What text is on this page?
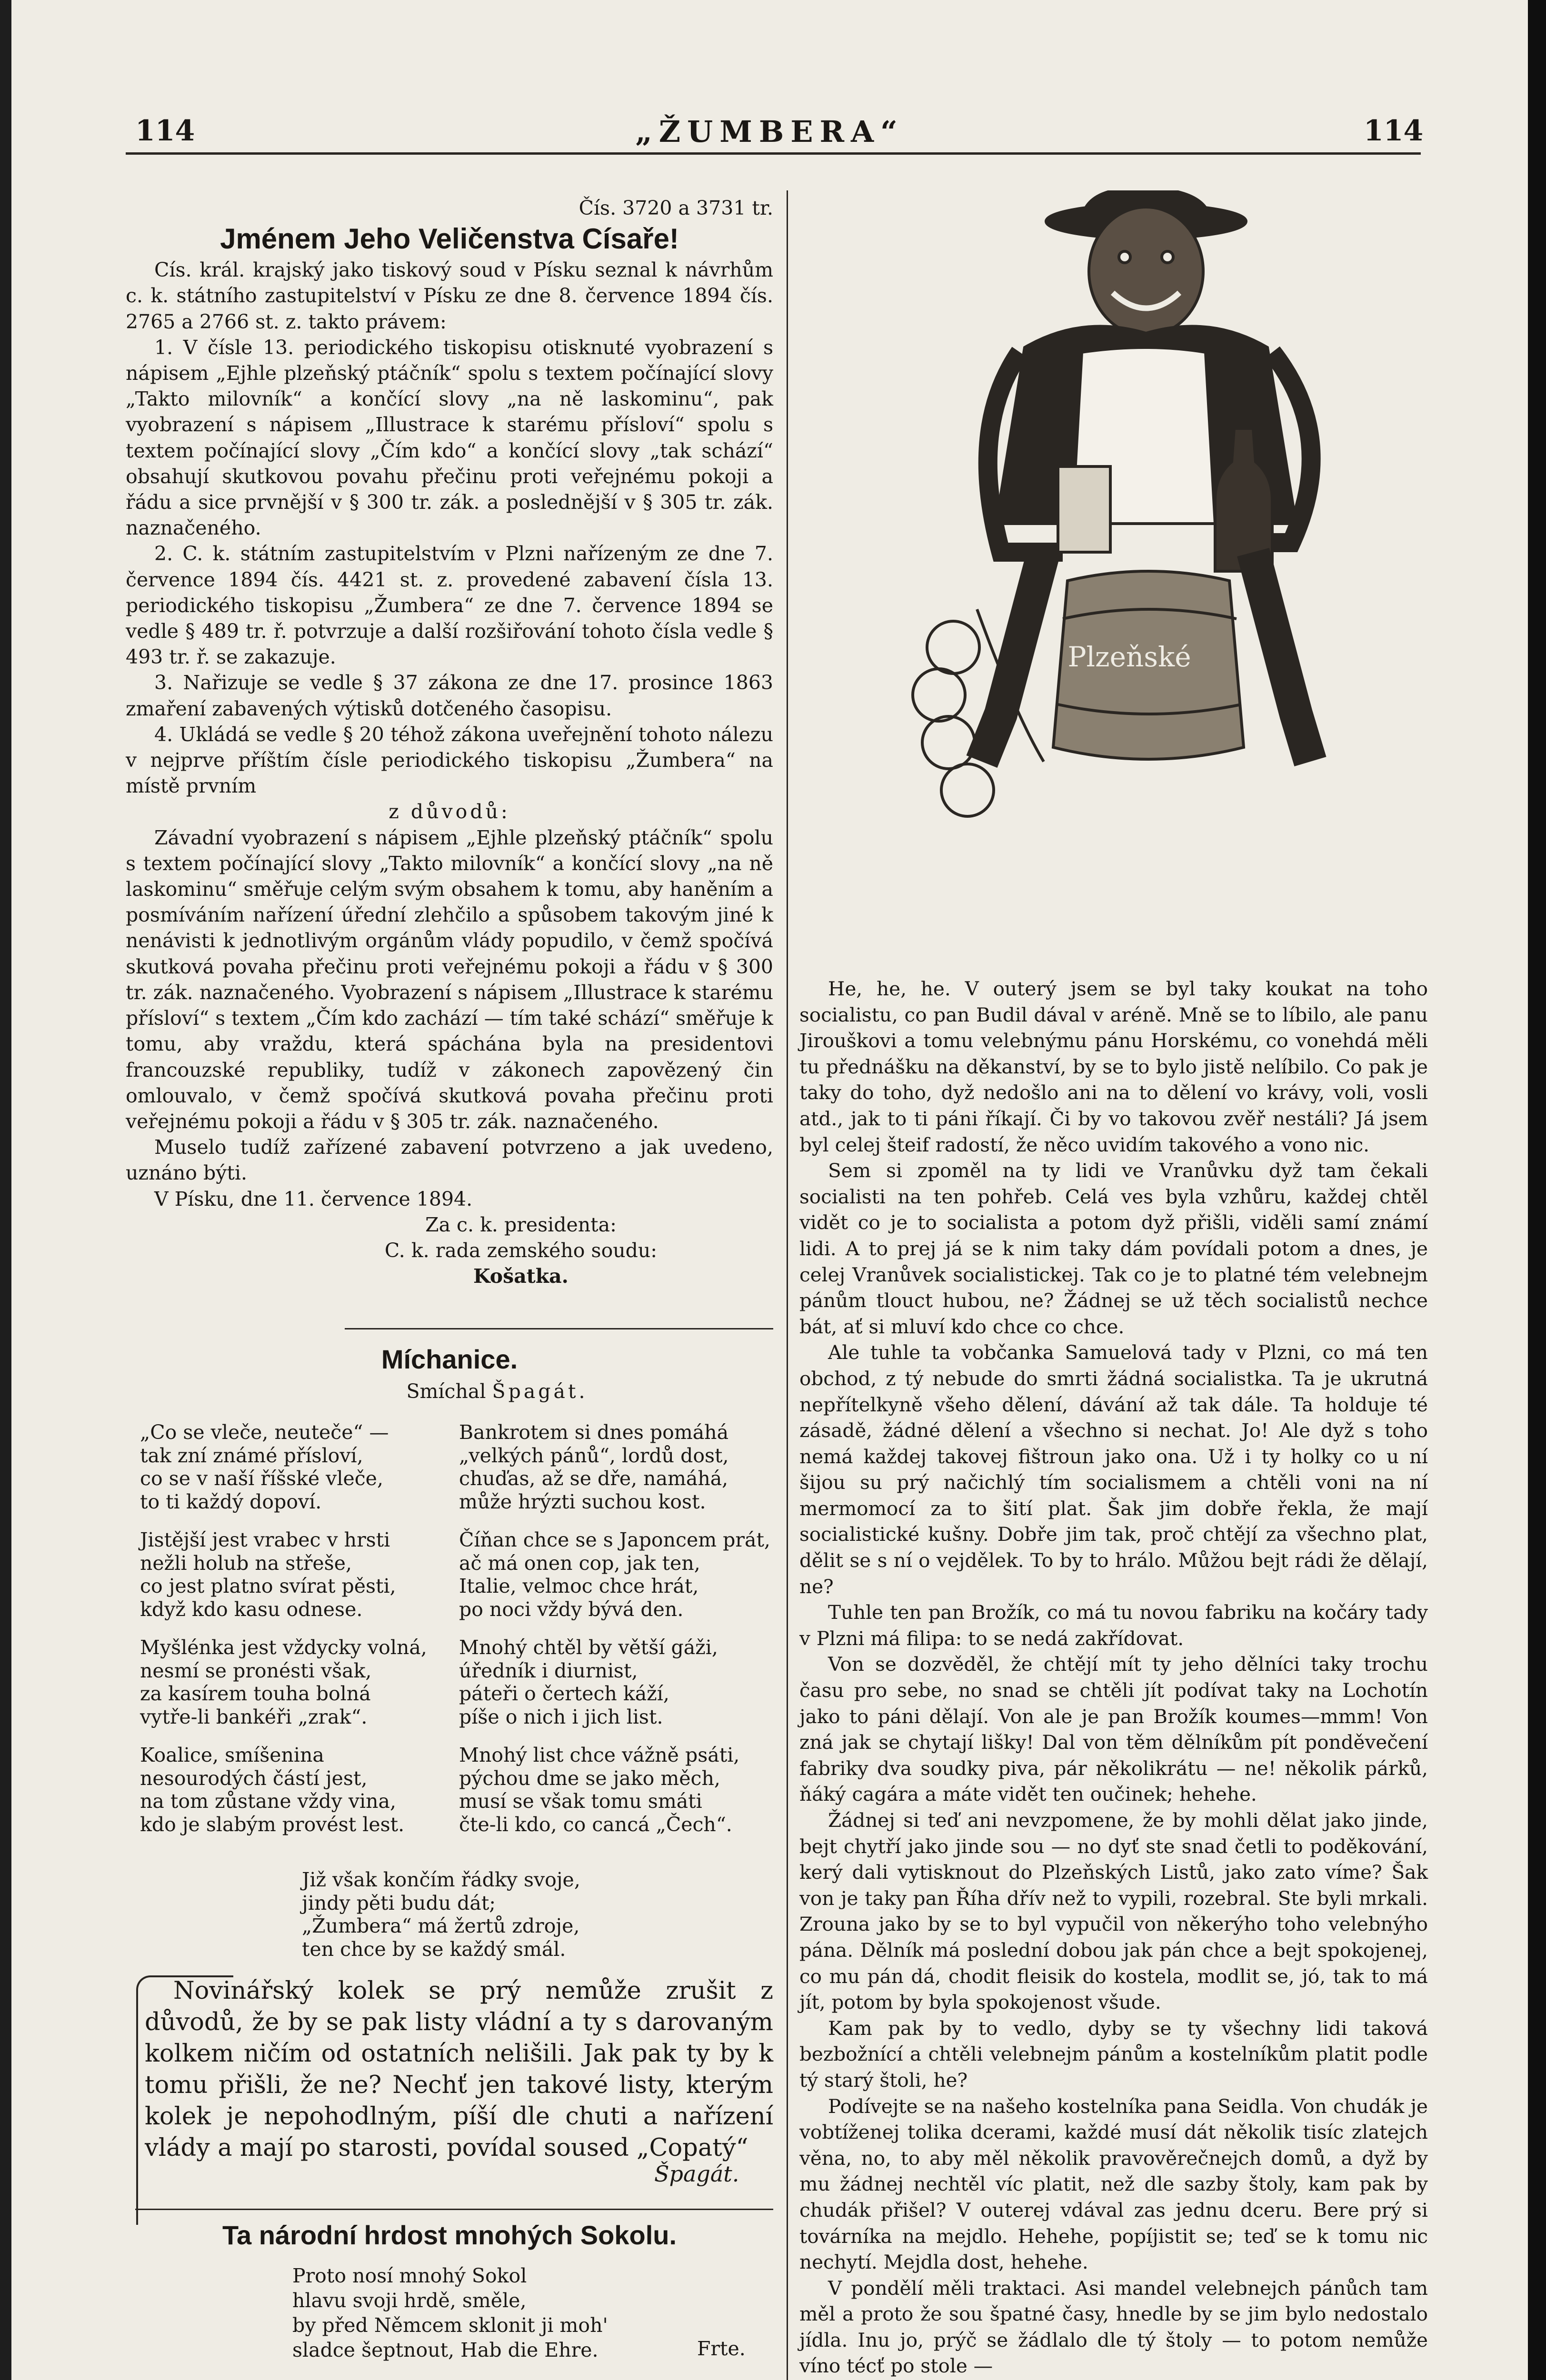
114	„ŽUMBERA“	114

Čís. 3720 a 3731 tr.

Jménem Jeho Veličenstva Císaře!

Cís. král. krajský jako tiskový soud v Písku seznal k návrhům c. k. státního zastupitelství v Písku ze dne 8. července 1894 čís. 2765 a 2766 st. z. takto právem:

1. V čísle 13. periodického tiskopisu otisknuté vyobrazení s nápisem „Ejhle plzeňský ptáčník“ spolu s textem počínající slovy „Takto milovník“ a končící slovy „na ně laskominu“, pak vyobrazení s nápisem „Illustrace k starému přísloví“ spolu s textem počínající slovy „Čím kdo“ a končící slovy „tak schází“ obsahují skutkovou povahu přečinu proti veřejnému pokoji a řádu a sice prvnější v § 300 tr. zák. a poslednější v § 305 tr. zák. naznačeného.

2. C. k. státním zastupitelstvím v Plzni nařízeným ze dne 7. července 1894 čís. 4421 st. z. provedené zabavení čísla 13. periodického tiskopisu „Žumbera“ ze dne 7. července 1894 se vedle § 489 tr. ř. potvrzuje a další rozšiřování tohoto čísla vedle § 493 tr. ř. se zakazuje.

3. Nařizuje se vedle § 37 zákona ze dne 17. prosince 1863 zmaření zabavených výtisků dotčeného časopisu.

4. Ukládá se vedle § 20 téhož zákona uveřejnění tohoto nálezu v nejprve příštím čísle periodického tiskopisu „Žumbera“ na místě prvním

z důvodů:

Závadní vyobrazení s nápisem „Ejhle plzeňský ptáčník“ spolu s textem počínající slovy „Takto milovník“ a končící slovy „na ně laskominu“ směřuje celým svým obsahem k tomu, aby haněním a posmíváním nařízení úřední zlehčilo a spůsobem takovým jiné k nenávisti k jednotlivým orgánům vlády popudilo, v čemž spočívá skutková povaha přečinu proti veřejnému pokoji a řádu v § 300 tr. zák. naznačeného. Vyobrazení s nápisem „Illustrace k starému přísloví“ s textem „Čím kdo zachází — tím také schází“ směřuje k tomu, aby vraždu, která spáchána byla na presidentovi francouzské republiky, tudíž v zákonech zapovězený čin omlouvalo, v čemž spočívá skutková povaha přečinu proti veřejnému pokoji a řádu v § 305 tr. zák. naznačeného.

Muselo tudíž zařízené zabavení potvrzeno a jak uvedeno, uznáno býti.

V Písku, dne 11. července 1894.

Za c. k. presidenta:

C. k. rada zemského soudu:

Košatka.

Míchanice.
Smíchal Špagát.
„Co se vleče, neuteče“ —
tak zní známé přísloví,
co se v naší říšské vleče,
to ti každý dopoví.
Jistější jest vrabec v hrsti
nežli holub na střeše,
co jest platno svírat pěsti,
když kdo kasu odnese.
Myšlénka jest vždycky volná,
nesmí se pronésti však,
za kasírem touha bolná
vytře-li bankéři „zrak“.
Koalice, smíšenina
nesourodých částí jest,
na tom zůstane vždy vina,
kdo je slabým provést lest.
Bankrotem si dnes pomáhá
„velkých pánů“, lordů dost,
chuďas, až se dře, namáhá,
může hrýzti suchou kost.
Číňan chce se s Japoncem prát,
ač má onen cop, jak ten,
Italie, velmoc chce hrát,
po noci vždy bývá den.
Mnohý chtěl by větší gáži,
úředník i diurnist,
páteři o čertech káží,
píše o nich i jich list.
Mnohý list chce vážně psáti,
pýchou dme se jako měch,
musí se však tomu smáti
čte-li kdo, co cancá „Čech“.
Již však končím řádky svoje,
jindy pěti budu dát;
„Žumbera“ má žertů zdroje,
ten chce by se každý smál.

Novinářský kolek se prý nemůže zrušit z důvodů, že by se pak listy vládní a ty s darovaným kolkem ničím od ostatních nelišili. Jak pak ty by k tomu přišli, že ne? Nechť jen takové listy, kterým kolek je nepohodlným, píší dle chuti a nařízení vlády a mají po starosti, povídal soused „Copatý“

Špagát.
Ta národní hrdost mnohých Sokolu.
Proto nosí mnohý Sokol
hlavu svoji hrdě, směle,
by před Němcem sklonit ji moh'
sladce šeptnout, Hab die Ehre.	Frte.
Plzeňské

He, he, he. V outerý jsem se byl taky koukat na toho socialistu, co pan Budil dával v aréně. Mně se to líbilo, ale panu Jirouškovi a tomu velebnýmu pánu Horskému, co vonehdá měli tu přednášku na děkanství, by se to bylo jistě nelíbilo. Co pak je taky do toho, dyž nedošlo ani na to dělení vo krávy, voli, vosli atd., jak to ti páni říkají. Či by vo takovou zvěř nestáli? Já jsem byl celej šteif radostí, že něco uvidím takového a vono nic.

Sem si zpoměl na ty lidi ve Vranůvku dyž tam čekali socialisti na ten pohřeb. Celá ves byla vzhůru, každej chtěl vidět co je to socialista a potom dyž přišli, viděli samí známí lidi. A to prej já se k nim taky dám povídali potom a dnes, je celej Vranůvek socialistickej. Tak co je to platné tém velebnejm pánům tlouct hubou, ne? Žádnej se už těch socialistů nechce bát, ať si mluví kdo chce co chce.

Ale tuhle ta vobčanka Samuelová tady v Plzni, co má ten obchod, z tý nebude do smrti žádná socialistka. Ta je ukrutná nepřítelkyně všeho dělení, dávání až tak dále. Ta holduje té zásadě, žádné dělení a všechno si nechat. Jo! Ale dyž s toho nemá každej takovej fištroun jako ona. Už i ty holky co u ní šijou su prý načichlý tím socialismem a chtěli voni na ní mermomocí za to šití plat. Šak jim dobře řekla, že mají socialistické kušny. Dobře jim tak, proč chtějí za všechno plat, dělit se s ní o vejdělek. To by to hrálo. Můžou bejt rádi že dělají, ne?

Tuhle ten pan Brožík, co má tu novou fabriku na kočáry tady v Plzni má filipa: to se nedá zakřídovat.

Von se dozvěděl, že chtějí mít ty jeho dělníci taky trochu času pro sebe, no snad se chtěli jít podívat taky na Lochotín jako to páni dělají. Von ale je pan Brožík koumes—mmm! Von zná jak se chytají lišky! Dal von těm dělníkům pít ponděvečení fabriky dva soudky piva, pár několikrátu — ne! několik párků, ňáký cagára a máte vidět ten oučinek; hehehe.

Žádnej si teď ani nevzpomene, že by mohli dělat jako jinde, bejt chytří jako jinde sou — no dyť ste snad četli to poděkování, kerý dali vytisknout do Plzeňských Listů, jako zato víme? Šak von je taky pan Říha dřív než to vypili, rozebral. Ste byli mrkali. Zrouna jako by se to byl vypučil von někerýho toho velebnýho pána. Dělník má poslední dobou jak pán chce a bejt spokojenej, co mu pán dá, chodit fleisik do kostela, modlit se, jó, tak to má jít, potom by byla spokojenost všude.

Kam pak by to vedlo, dyby se ty všechny lidi taková bezbožnící a chtěli velebnejm pánům a kostelníkům platit podle tý starý štoli, he?

Podívejte se na našeho kostelníka pana Seidla. Von chudák je vobtíženej tolika dcerami, každé musí dát několik tisíc zlatejch věna, no, to aby měl několik pravověrečnejch domů, a dyž by mu žádnej nechtěl víc platit, než dle sazby štoly, kam pak by chudák přišel? V outerej vdával zas jednu dceru. Bere prý si továrníka na mejdlo. Hehehe, popíjistit se; teď se k tomu nic nechytí. Mejdla dost, hehehe.

V pondělí měli traktaci. Asi mandel velebnejch pánůch tam měl a proto že sou špatné časy, hnedle by se jim bylo nedostalo jídla. Inu jo, prýč se žádlalo dle tý štoly — to potom nemůže víno técť po stole —
